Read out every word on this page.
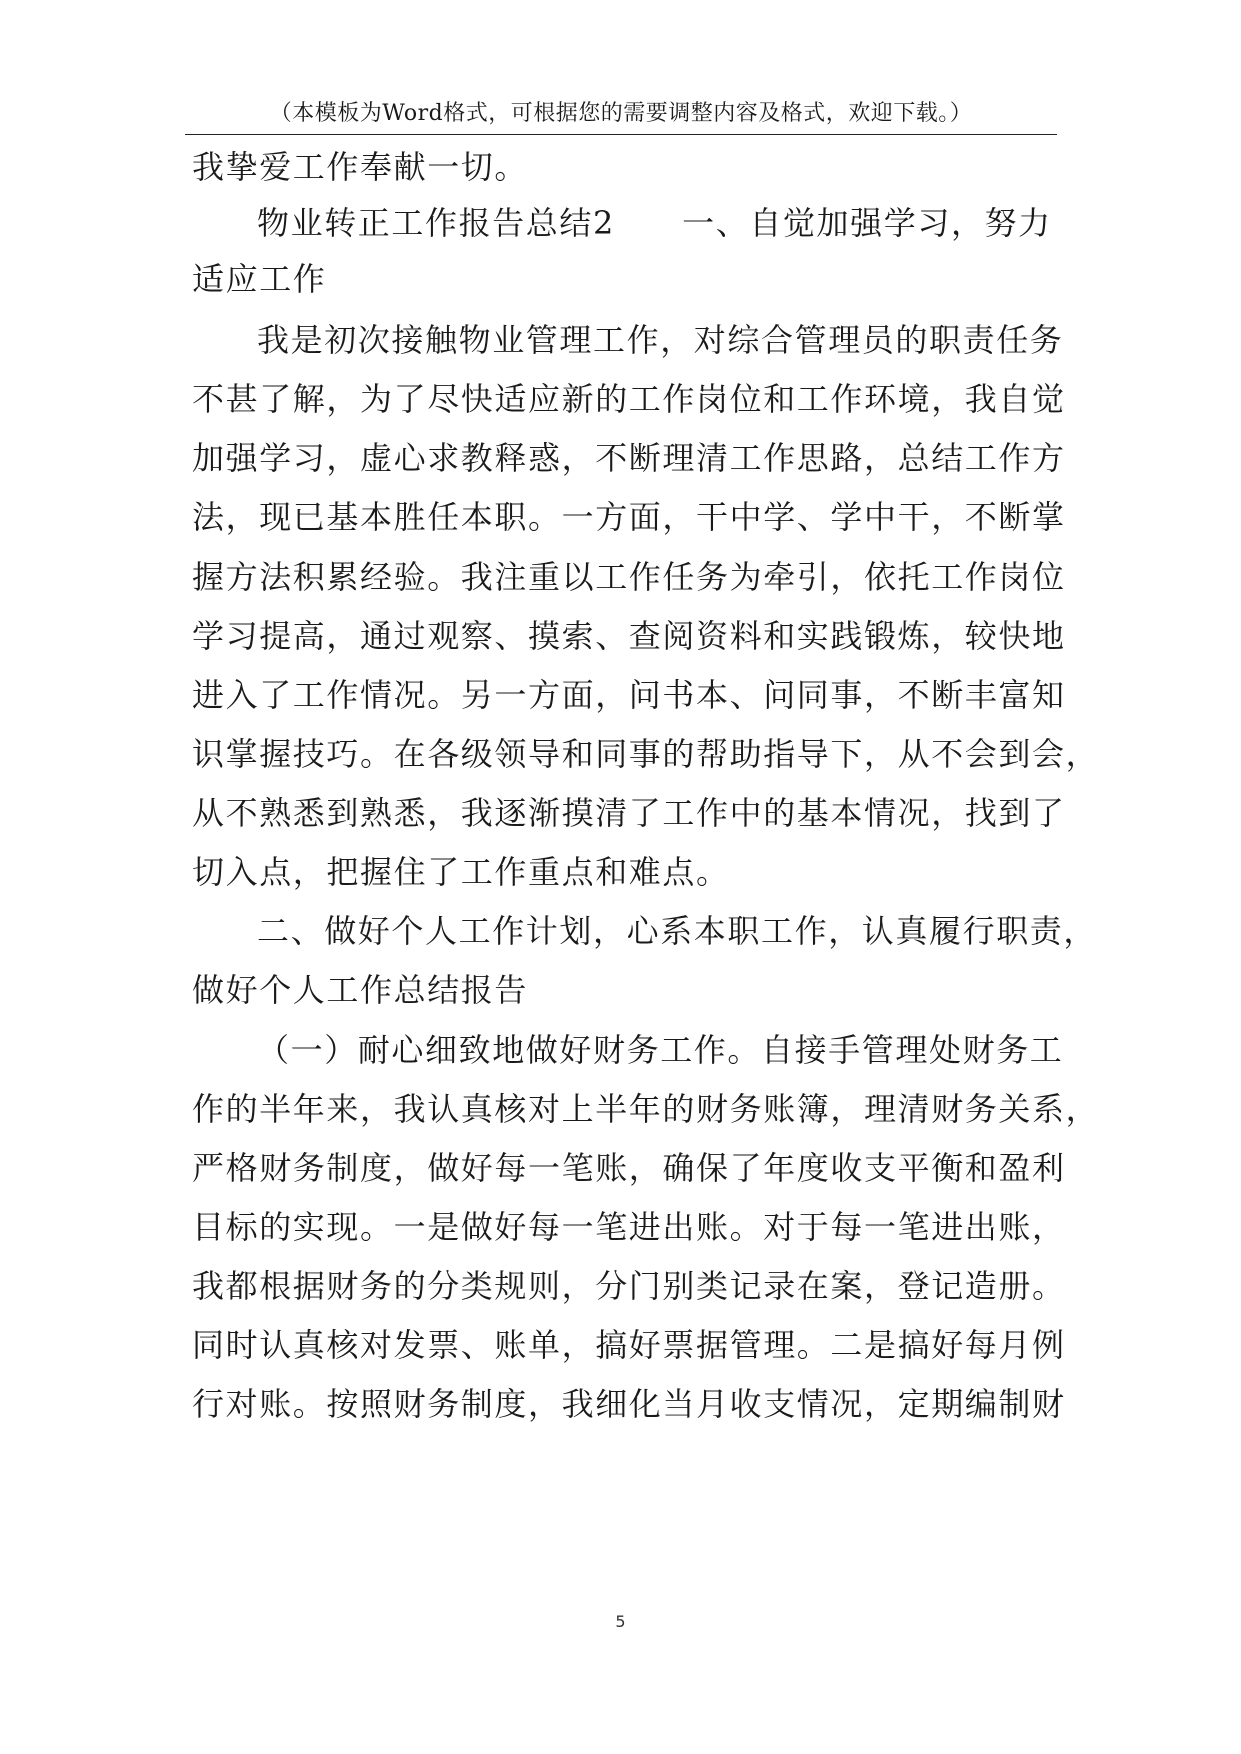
（本模板为Word格式，可根据您的需要调整内容及格式，欢迎下载。）
我挚爱工作奉献一切。
物业转正工作报告总结2　　一、自觉加强学习，努力
适应工作
我是初次接触物业管理工作，对综合管理员的职责任务
不甚了解，为了尽快适应新的工作岗位和工作环境，我自觉
加强学习，虚心求教释惑，不断理清工作思路，总结工作方
法，现已基本胜任本职。一方面，干中学、学中干，不断掌
握方法积累经验。我注重以工作任务为牵引，依托工作岗位
学习提高，通过观察、摸索、查阅资料和实践锻炼，较快地
进入了工作情况。另一方面，问书本、问同事，不断丰富知
识掌握技巧。在各级领导和同事的帮助指导下，从不会到会，
从不熟悉到熟悉，我逐渐摸清了工作中的基本情况，找到了
切入点，把握住了工作重点和难点。
二、做好个人工作计划，心系本职工作，认真履行职责，
做好个人工作总结报告
（一）耐心细致地做好财务工作。自接手管理处财务工
作的半年来，我认真核对上半年的财务账簿，理清财务关系，
严格财务制度，做好每一笔账，确保了年度收支平衡和盈利
目标的实现。一是做好每一笔进出账。对于每一笔进出账，
我都根据财务的分类规则，分门别类记录在案，登记造册。
同时认真核对发票、账单，搞好票据管理。二是搞好每月例
行对账。按照财务制度，我细化当月收支情况，定期编制财
5
